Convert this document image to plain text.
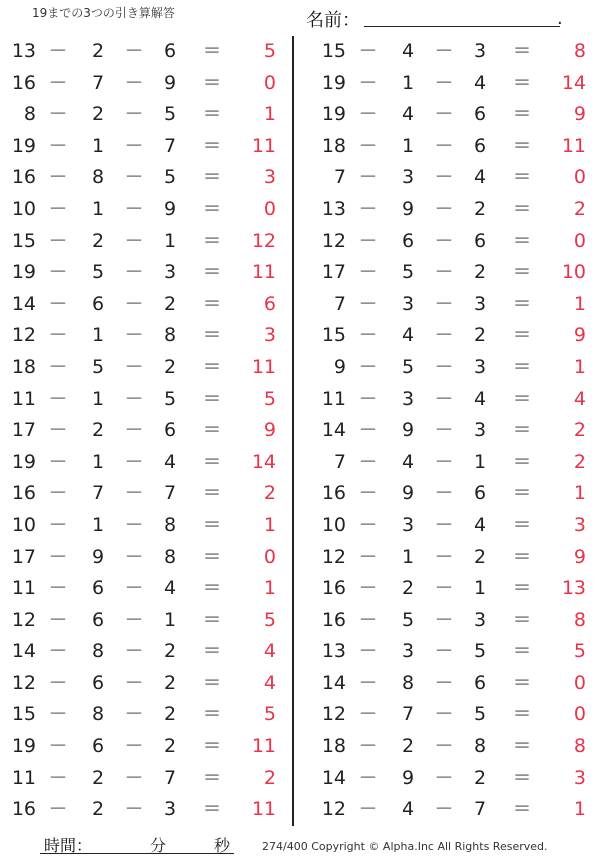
19までの3つの引き算解答	名前：	.
13 － 2 － 6 ＝	5
16 － 7 － 9 ＝	0
8 － 2 － 5 ＝	1
19 － 1 － 7 ＝	11
16 － 8 － 5 ＝	3
10 － 1 － 9 ＝	0
15 － 2 － 1 ＝	12
19 － 5 － 3 ＝	11
14 － 6 － 2 ＝	6
12 － 1 － 8 ＝	3
18 － 5 － 2 ＝	11
11 － 1 － 5 ＝	5
17 － 2 － 6 ＝	9
19 － 1 － 4 ＝	14
16 － 7 － 7 ＝	2
10 － 1 － 8 ＝	1
17 － 9 － 8 ＝	0
11 － 6 － 4 ＝	1
12 － 6 － 1 ＝	5
14 － 8 － 2 ＝	4
12 － 6 － 2 ＝	4
15 － 8 － 2 ＝	5
19 － 6 － 2 ＝	11
11 － 2 － 7 ＝	2
16 － 2 － 3 ＝	11
15 － 4 － 3 ＝	8
19 － 1 － 4 ＝	14
19 － 4 － 6 ＝	9
18 － 1 － 6 ＝	11
7 － 3 － 4 ＝	0
13 － 9 － 2 ＝	2
12 － 6 － 6 ＝	0
17 － 5 － 2 ＝	10
7 － 3 － 3 ＝	1
15 － 4 － 2 ＝	9
9 － 5 － 3 ＝	1
11 － 3 － 4 ＝	4
14 － 9 － 3 ＝	2
7 － 4 － 1 ＝	2
16 － 9 － 6 ＝	1
10 － 3 － 4 ＝	3
12 － 1 － 2 ＝	9
16 － 2 － 1 ＝	13
16 － 5 － 3 ＝	8
13 － 3 － 5 ＝	5
14 － 8 － 6 ＝	0
12 － 7 － 5 ＝	0
18 － 2 － 8 ＝	8
14 － 9 － 2 ＝	3
12 － 4 － 7 ＝	1
時間：	分	秒	274/400 Copyright © Alpha.Inc All Rights Reserved.
